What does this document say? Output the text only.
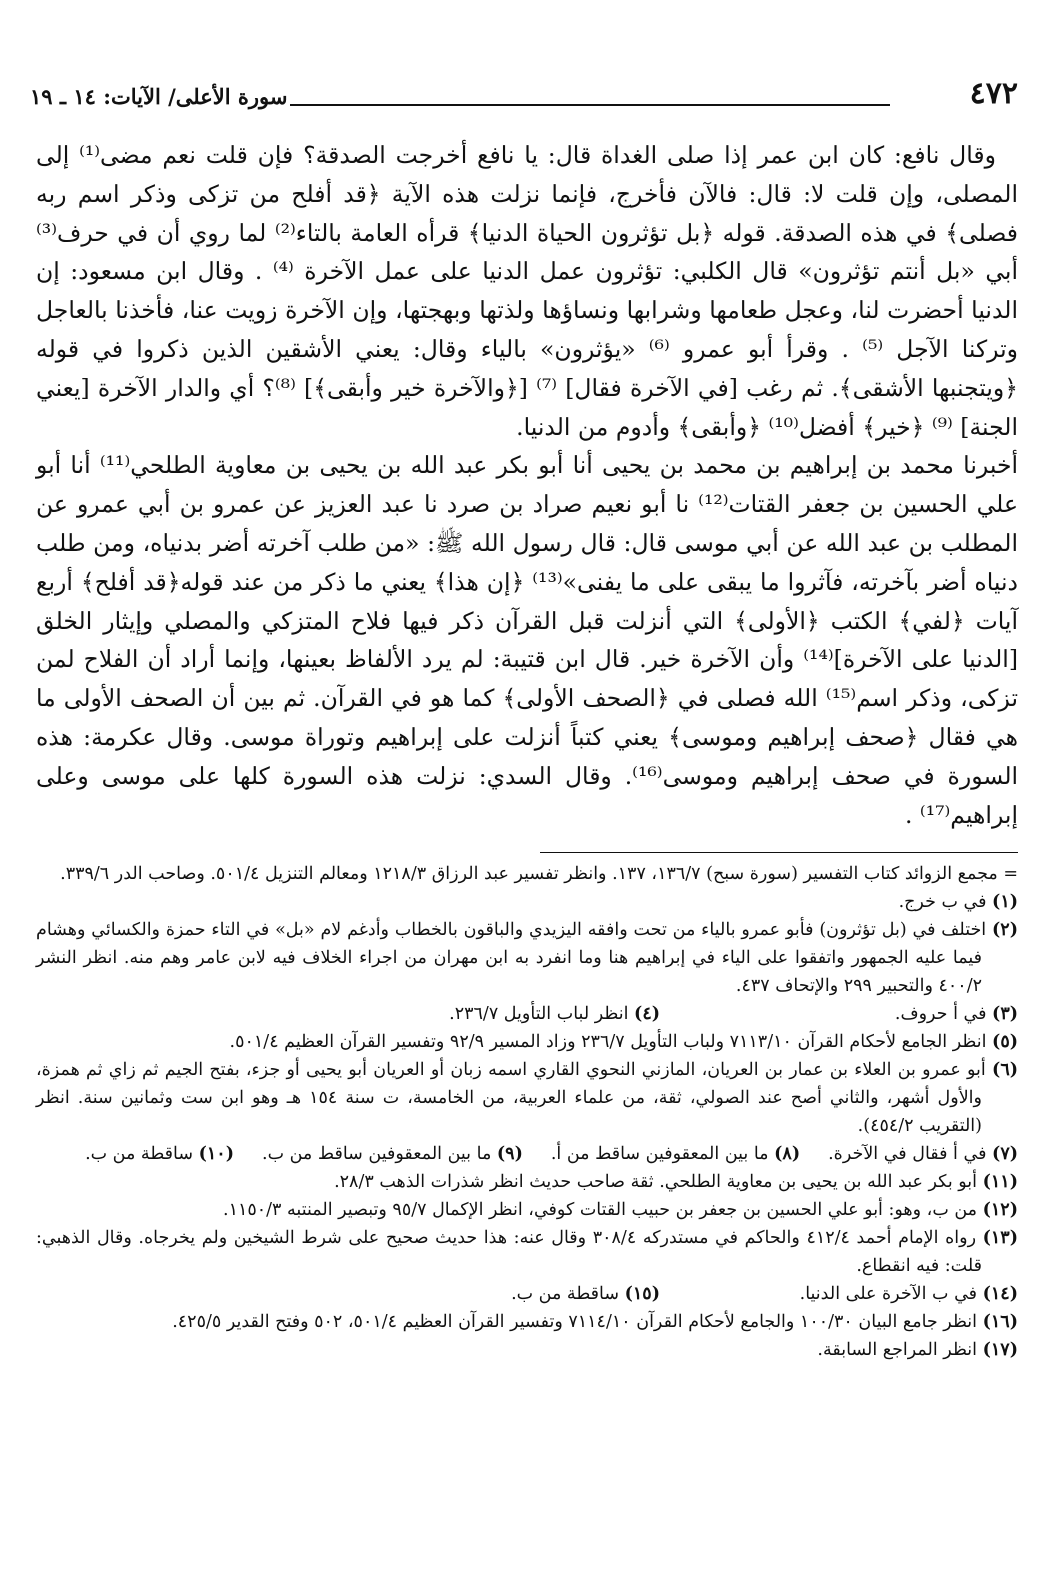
٤٧٢
سورة الأعلى/ الآيات: ١٤ ـ ١٩

وقال نافع: كان ابن عمر إذا صلى الغداة قال: يا نافع أخرجت الصدقة؟ فإن قلت نعم مضى⁽¹⁾ إلى المصلى، وإن قلت لا: قال: فالآن فأخرج، فإنما نزلت هذه الآية ﴿قد أفلح من تزكى وذكر اسم ربه فصلى﴾ في هذه الصدقة. قوله ﴿بل تؤثرون الحياة الدنيا﴾ قرأه العامة بالتاء⁽²⁾ لما روي أن في حرف⁽³⁾ أبي «بل أنتم تؤثرون» قال الكلبي: تؤثرون عمل الدنيا على عمل الآخرة ⁽⁴⁾ . وقال ابن مسعود: إن الدنيا أحضرت لنا، وعجل طعامها وشرابها ونساؤها ولذتها وبهجتها، وإن الآخرة زويت عنا، فأخذنا بالعاجل وتركنا الآجل ⁽⁵⁾ . وقرأ أبو عمرو ⁽⁶⁾ «يؤثرون» بالياء وقال: يعني الأشقين الذين ذكروا في قوله ﴿ويتجنبها الأشقى﴾. ثم رغب [في الآخرة فقال] ⁽⁷⁾ [﴿والآخرة خير وأبقى﴾] ⁽⁸⁾؟ أي والدار الآخرة [يعني الجنة] ⁽⁹⁾ ﴿خير﴾ أفضل⁽¹⁰⁾ ﴿وأبقى﴾ وأدوم من الدنيا.

أخبرنا محمد بن إبراهيم بن محمد بن يحيى أنا أبو بكر عبد الله بن يحيى بن معاوية الطلحي⁽¹¹⁾ أنا أبو علي الحسين بن جعفر القتات⁽¹²⁾ نا أبو نعيم صراد بن صرد نا عبد العزيز عن عمرو بن أبي عمرو عن المطلب بن عبد الله عن أبي موسى قال: قال رسول الله ﷺ: «من طلب آخرته أضر بدنياه، ومن طلب دنياه أضر بآخرته، فآثروا ما يبقى على ما يفنى»⁽¹³⁾ ﴿إن هذا﴾ يعني ما ذكر من عند قوله﴿قد أفلح﴾ أربع آيات ﴿لفي﴾ الكتب ﴿الأولى﴾ التي أنزلت قبل القرآن ذكر فيها فلاح المتزكي والمصلي وإيثار الخلق [الدنيا على الآخرة]⁽¹⁴⁾ وأن الآخرة خير. قال ابن قتيبة: لم يرد الألفاظ بعينها، وإنما أراد أن الفلاح لمن تزكى، وذكر اسم⁽¹⁵⁾ الله فصلى في ﴿الصحف الأولى﴾ كما هو في القرآن. ثم بين أن الصحف الأولى ما هي فقال ﴿صحف إبراهيم وموسى﴾ يعني كتباً أنزلت على إبراهيم وتوراة موسى. وقال عكرمة: هذه السورة في صحف إبراهيم وموسى⁽¹⁶⁾. وقال السدي: نزلت هذه السورة كلها على موسى وعلى إبراهيم⁽¹⁷⁾ .

= مجمع الزوائد كتاب التفسير (سورة سبح) ١٣٦/٧، ١٣٧. وانظر تفسير عبد الرزاق ١٢١٨/٣ ومعالم التنزيل ٥٠١/٤. وصاحب الدر ٣٣٩/٦.

(١) في ب خرج.

(٢) اختلف في (بل تؤثرون) فأبو عمرو بالياء من تحت وافقه اليزيدي والباقون بالخطاب وأدغم لام «بل» في التاء حمزة والكسائي وهشام فيما عليه الجمهور واتفقوا على الياء في إبراهيم هنا وما انفرد به ابن مهران من اجراء الخلاف فيه لابن عامر وهم منه. انظر النشر ٤٠٠/٢ والتحبير ٢٩٩ والإتحاف ٤٣٧.

(٣) في أ حروف.

(٤) انظر لباب التأويل ٢٣٦/٧.

(٥) انظر الجامع لأحكام القرآن ٧١١٣/١٠ ولباب التأويل ٢٣٦/٧ وزاد المسير ٩٢/٩ وتفسير القرآن العظيم ٥٠١/٤.

(٦) أبو عمرو بن العلاء بن عمار بن العريان، المازني النحوي القاري اسمه زبان أو العريان أبو يحيى أو جزء، بفتح الجيم ثم زاي ثم همزة، والأول أشهر، والثاني أصح عند الصولي، ثقة، من علماء العربية، من الخامسة، ت سنة ١٥٤ هـ وهو ابن ست وثمانين سنة. انظر (التقريب ٤٥٤/٢).

(٧) في أ فقال في الآخرة.

(٨) ما بين المعقوفين ساقط من أ.

(٩) ما بين المعقوفين ساقط من ب.

(١٠) ساقطة من ب.

(١١) أبو بكر عبد الله بن يحيى بن معاوية الطلحي. ثقة صاحب حديث انظر شذرات الذهب ٢٨/٣.

(١٢) من ب، وهو: أبو علي الحسين بن جعفر بن حبيب القتات كوفي، انظر الإكمال ٩٥/٧ وتبصير المنتبه ١١٥٠/٣.

(١٣) رواه الإمام أحمد ٤١٢/٤ والحاكم في مستدركه ٣٠٨/٤ وقال عنه: هذا حديث صحيح على شرط الشيخين ولم يخرجاه. وقال الذهبي: قلت: فيه انقطاع.

(١٤) في ب الآخرة على الدنيا.

(١٥) ساقطة من ب.

(١٦) انظر جامع البيان ١٠٠/٣٠ والجامع لأحكام القرآن ٧١١٤/١٠ وتفسير القرآن العظيم ٥٠١/٤، ٥٠٢ وفتح القدير ٤٢٥/٥.

(١٧) انظر المراجع السابقة.
